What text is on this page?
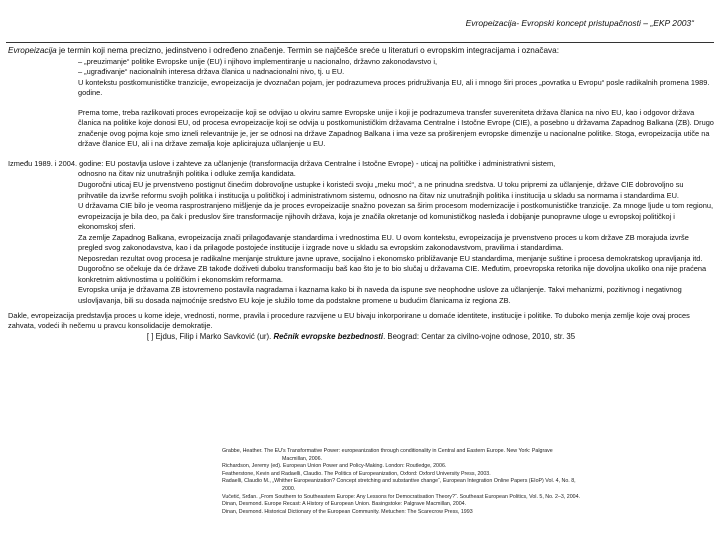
Evropeizacija- Evropski koncept pristupačnosti – „EKP 2003“

Evropeizacija je termin koji nema precizno, jedinstveno i određeno značenje. Termin se najčešće sreće u literaturi o evropskim integracijama i označava:

– „preuzimanje“ politike Evropske unije (EU) i njihovo implementiranje u nacionalno, državno zakonodavstvo i,

– „ugrađivanje“ nacionalnih interesa država članica u nadnacionalni nivo, tj. u EU.

U kontekstu postkomunističke tranzicije, evropeizacija je dvoznačan pojam, jer podrazumeva proces pridruživanja EU, ali i mnogo širi proces „povratka u Evropu“ posle radikalnih promena 1989. godine.

Prema tome, treba razlikovati proces evropeizacije koji se odvijao u okviru samre Evropske unije i koji je podrazumeva transfer suvereniteta država članica na nivo EU, kao i odgovor država članica na politike koje donosi EU, od procesa evropeizacije koji se odvija u postkomunističkim državama Centralne i Istočne Evrope (CIE), a posebno u državama Zapadnog Balkana (ZB). Drugo značenje ovog pojma koje smo izneli relevantnije je, jer se odnosi na države Zapadnog Balkana i ima veze sa proširenjem evropske dimenzije u nacionalne politike. Stoga, evropeizacija utiče na države članice EU, ali i na države zemalja koje aplicirajuza učlanjenje u EU.

Između 1989. i 2004. godine: EU postavlja uslove i zahteve za učlanjenje (transformacija država Centralne i Istočne Evrope) - uticaj na političke i administrativni sistem,

odnosno na čitav niz unutrašnjih politika i odluke zemlja kandidata.

Dugoročni uticaj EU je prvenstveno postignut činećim dobrovoljne ustupke i koristeći svoju „meku moć“, a ne prinudna sredstva. U toku pripremi za učlanjenje, države CIE dobrovoljno su prihvatile da izvrše reformu svojih politika i institucija u političkoj i administrativnom sistemu, odnosno na čitav niz unutrašnjih politika i institucija u skladu sa normama i standardima EU.

U državama CIE bilo je veoma rasprostranjeno mišljenje da je proces evropeizacije snažno povezan sa širim procesom modernizacije i postkomunističke tranzicije. Za mnoge ljude u tom regionu, evropeizacija je bila deo, pa čak i preduslov šire transformacije njihovih država, koja je značila okretanje od komunističkog nasleđa i dobijanje punopravne uloge u evropskoj političkoj i ekonomskoj sferi.

Za zemlje Zapadnog Balkana, evropeizacija znači prilagođavanje standardima i vrednostima EU. U ovom kontekstu, evropeizacija je prvenstveno proces u kom države ZB morajuda izvrše pregled svog zakonodavstva, kao i da prilagode postojeće institucije i izgrade nove u skladu sa evropskim zakonodavstvom, pravilima i standardima.

Neposredan rezultat ovog procesa je radikalne menjanje strukture javne uprave, socijalno i ekonomsko približavanje EU standardima, menjanje suštine i procesa demokratskog upravljanja itd. Dugoročno se očekuje da će države ZB takođe doživeti duboku transformaciju baš kao što je to bio slučaj u državama CIE. Međutim, proevropska retorika nije dovoljna ukoliko ona nije praćena konkretnim aktivnostima u političkim i ekonomskim reformama.

Evropska unija je državama ZB istovremeno postavila nagradama i kaznama kako bi ih naveda da ispune sve neophodne uslove za učlanjenje. Takvi mehanizmi, pozitivnog i negativnog uslovljavanja, bili su dosada najmoćnije sredstvo EU koje je služilo tome da podstakne promene u budućim članicama iz regiona ZB.

Dakle, evropeizacija predstavlja proces u kome ideje, vrednosti, norme, pravila i procedure razvijene u EU bivaju inkorporirane u domaće identitete, institucije i politike. To duboko menja zemlje koje ovaj proces zahvata, vodeći ih nečemu u pravcu konsolidacije demokratije.

[ ] Ejdus, Filip i Marko Savković (ur). Rečnik evropske bezbednosti. Beograd: Centar za civilno-vojne odnose, 2010, str. 35

Grabbe, Heather. The EU’s Transformative Power: europeanization through conditionality in Central and Eastern Europe. New York: Palgrave

Macmillan, 2006.

Richardson, Jeremy (ed). European Union Power and Policy-Making. London: Routledge, 2006.

Featherstone, Kevin and Radaelli, Claudio. The Politics of Europeanization, Oxford: Oxford University Press, 2003.

Radaelli, Claudio M., „Whither Europeanization? Concept stretching and substantive change“, European Integration Online Papers (EIoP) Vol. 4, No. 8,

2000.

Vučetić, Srđan. „From Southern to Southeastern Europe: Any Lessons for Democratisation Theory?“. Southeast European Politics, Vol. 5, No. 2–3, 2004.

Dinan, Desmond. Europe Recast: A History of European Union. Basingstoke: Palgrave Macmillan, 2004.

Dinan, Desmond. Historical Dictionary of the European Community. Metuchen: The Scarecrow Press, 1993
